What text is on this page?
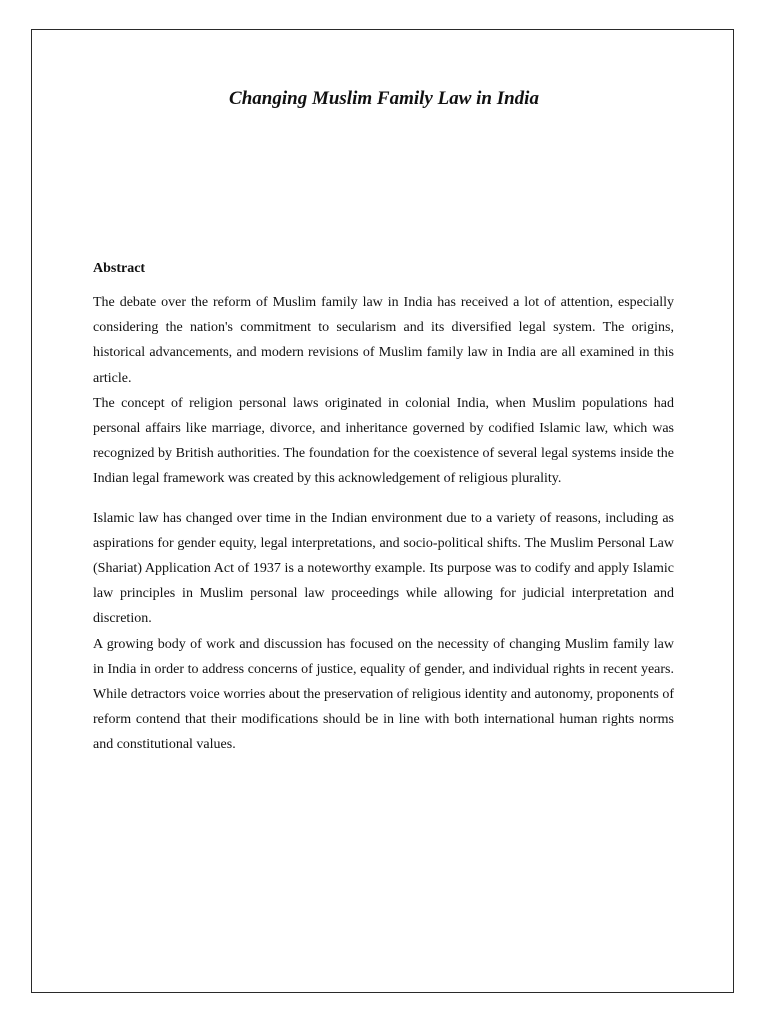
Changing Muslim Family Law in India

Abstract

The debate over the reform of Muslim family law in India has received a lot of attention, especially considering the nation's commitment to secularism and its diversified legal system. The origins, historical advancements, and modern revisions of Muslim family law in India are all examined in this article.

The concept of religion personal laws originated in colonial India, when Muslim populations had personal affairs like marriage, divorce, and inheritance governed by codified Islamic law, which was recognized by British authorities. The foundation for the coexistence of several legal systems inside the Indian legal framework was created by this acknowledgement of religious plurality.

Islamic law has changed over time in the Indian environment due to a variety of reasons, including as aspirations for gender equity, legal interpretations, and socio-political shifts. The Muslim Personal Law (Shariat) Application Act of 1937 is a noteworthy example. Its purpose was to codify and apply Islamic law principles in Muslim personal law proceedings while allowing for judicial interpretation and discretion.

A growing body of work and discussion has focused on the necessity of changing Muslim family law in India in order to address concerns of justice, equality of gender, and individual rights in recent years. While detractors voice worries about the preservation of religious identity and autonomy, proponents of reform contend that their modifications should be in line with both international human rights norms and constitutional values.
